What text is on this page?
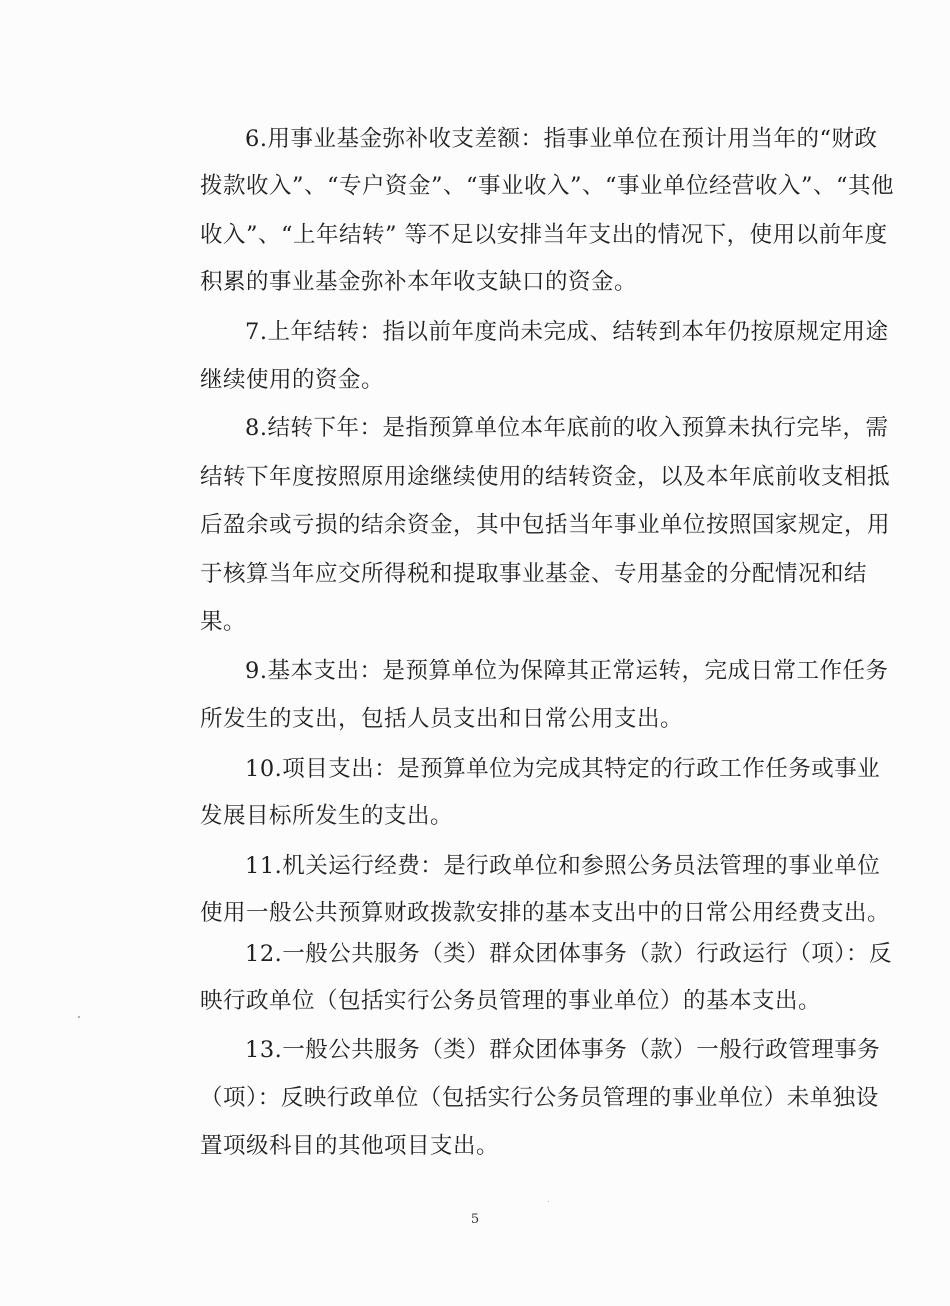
6.用事业基金弥补收支差额：指事业单位在预计用当年的“财政

拨款收入”、“专户资金”、“事业收入”、“事业单位经营收入”、“其他

收入”、“上年结转” 等不足以安排当年支出的情况下，使用以前年度

积累的事业基金弥补本年收支缺口的资金。

7.上年结转：指以前年度尚未完成、结转到本年仍按原规定用途

继续使用的资金。

8.结转下年：是指预算单位本年底前的收入预算未执行完毕，需

结转下年度按照原用途继续使用的结转资金，以及本年底前收支相抵

后盈余或亏损的结余资金，其中包括当年事业单位按照国家规定，用

于核算当年应交所得税和提取事业基金、专用基金的分配情况和结

果。

9.基本支出：是预算单位为保障其正常运转，完成日常工作任务

所发生的支出，包括人员支出和日常公用支出。

10.项目支出：是预算单位为完成其特定的行政工作任务或事业

发展目标所发生的支出。

11.机关运行经费：是行政单位和参照公务员法管理的事业单位

使用一般公共预算财政拨款安排的基本支出中的日常公用经费支出。

12.一般公共服务（类）群众团体事务（款）行政运行（项）：反

映行政单位（包括实行公务员管理的事业单位）的基本支出。

13.一般公共服务（类）群众团体事务（款）一般行政管理事务

（项）：反映行政单位（包括实行公务员管理的事业单位）未单独设

置项级科目的其他项目支出。

5
